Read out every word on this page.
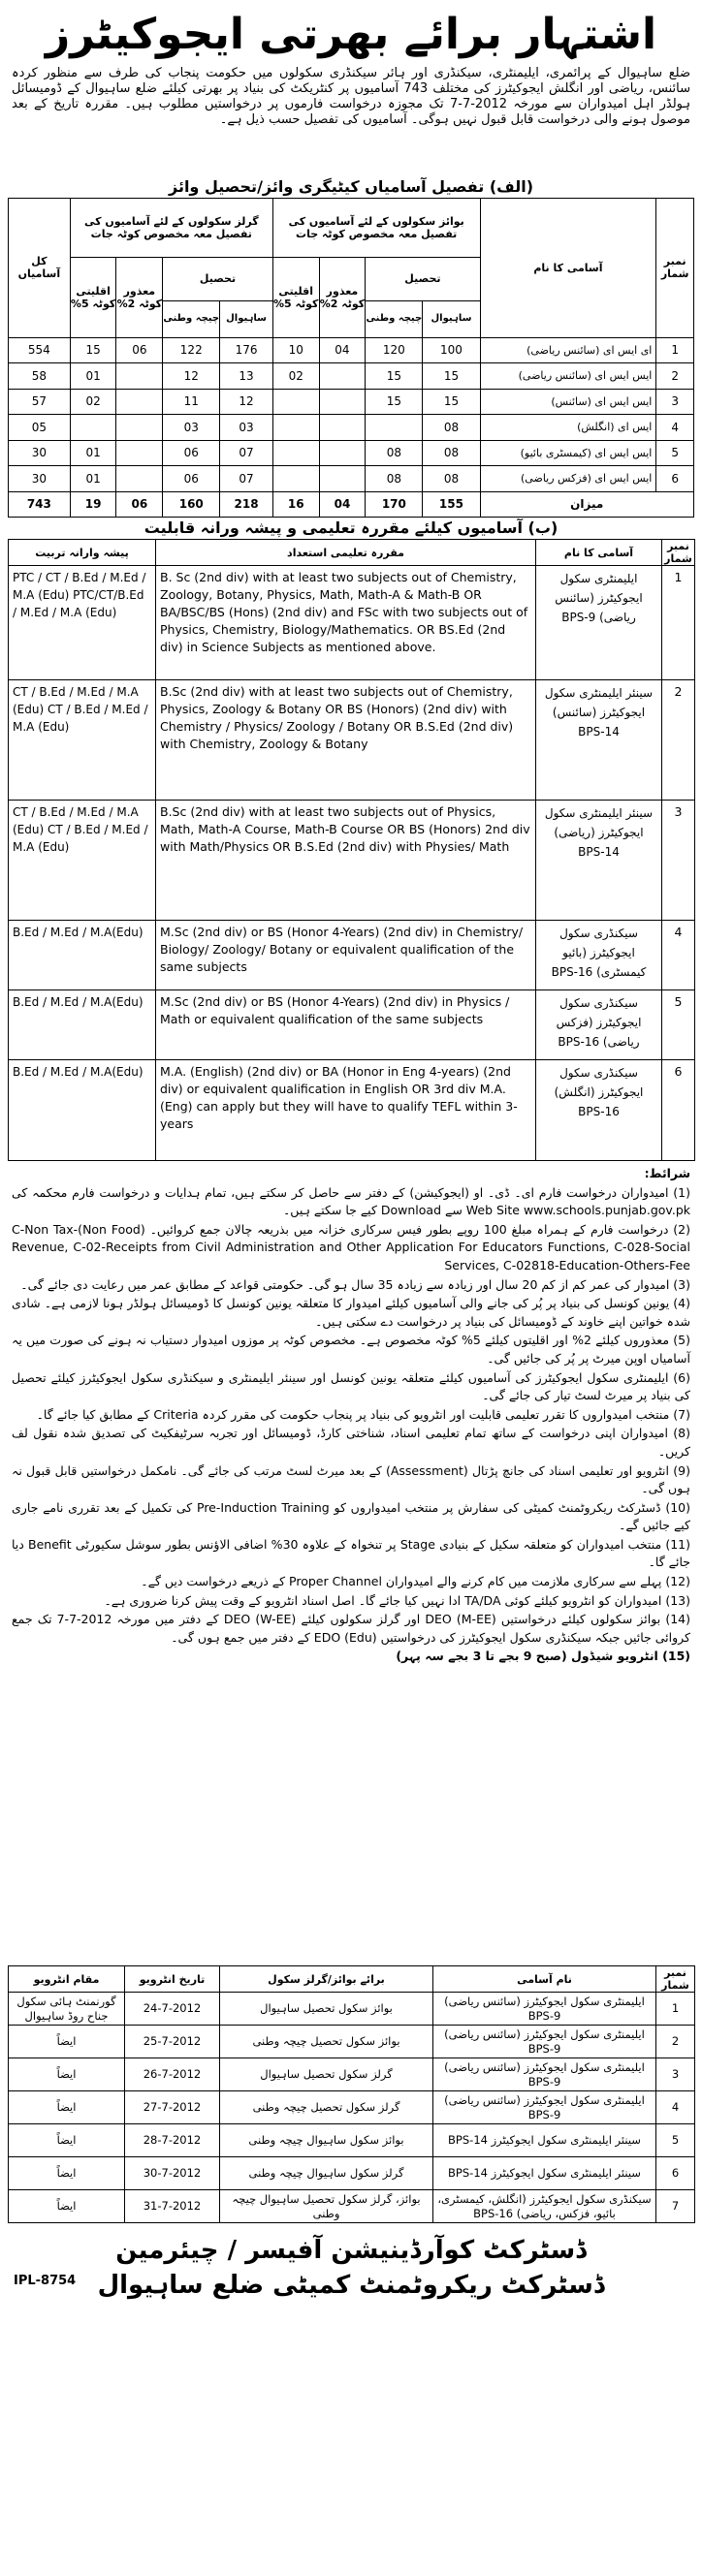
اشتہار برائے بھرتی ایجوکیٹرز
ضلع ساہیوال کے پرائمری، ایلیمنٹری، سیکنڈری اور ہائر سیکنڈری سکولوں میں حکومت پنجاب کی طرف سے منظور کردہ سائنس، ریاضی اور انگلش ایجوکیٹرز کی مختلف 743 آسامیوں پر کنٹریکٹ کی بنیاد پر بھرتی کیلئے ضلع ساہیوال کے ڈومیسائل ہولڈر اہل امیدواران سے مورخہ 2012-7-7 تک مجوزہ درخواست فارموں پر درخواستیں مطلوب ہیں۔ مقررہ تاریخ کے بعد موصول ہونے والی درخواست قابل قبول نہیں ہوگی۔ آسامیوں کی تفصیل حسب ذیل ہے۔
(الف) تفصیل آسامیاں کیٹیگری وائز/تحصیل وائز
نمبر شمار	آسامی کا نام	بوائز سکولوں کے لئے آسامیوں کی تفصیل معہ مخصوص کوٹہ جات				گرلز سکولوں کے لئے آسامیوں کی تفصیل معہ مخصوص کوٹہ جات				کل آسامیاں
		تحصیل		معذور کوٹہ 2%	اقلیتی کوٹہ 5%	تحصیل		معذور کوٹہ 2%	اقلیتی کوٹہ 5%	
		ساہیوال	چیچہ وطنی			ساہیوال	چیچہ وطنی			
1	ای ایس ای (سائنس ریاضی)	100	120	04	10	176	122	06	15	554
2	ایس ایس ای (سائنس ریاضی)	15	15		02	13	12		01	58
3	ایس ایس ای (سائنس)	15	15			12	11		02	57
4	ایس ای (انگلش)	08				03	03			05
5	ایس ایس ای (کیمسٹری بائیو)	08	08			07	06		01	30
6	ایس ایس ای (فزکس ریاضی)	08	08			07	06		01	30
میزان		155	170	04	16	218	160	06	19	743
(ب) آسامیوں کیلئے مقررہ تعلیمی و پیشہ ورانہ قابلیت
نمبر شمار	آسامی کا نام	مقررہ تعلیمی استعداد	پیشہ وارانہ تربیت
1	ایلیمنٹری سکول ایجوکیٹرز (سائنس ریاضی) BPS-9	B. Sc (2nd div) with at least two subjects out of Chemistry, Zoology, Botany, Physics, Math, Math-A & Math-B OR BA/BSC/BS (Hons) (2nd div) and FSc with two subjects out of Physics, Chemistry, Biology/Mathematics. OR BS.Ed (2nd div) in Science Subjects as mentioned above.	PTC / CT / B.Ed / M.Ed / M.A (Edu) PTC/CT/B.Ed / M.Ed / M.A (Edu)
2	سینئر ایلیمنٹری سکول ایجوکیٹرز (سائنس) BPS-14	B.Sc (2nd div) with at least two subjects out of Chemistry, Physics, Zoology & Botany OR BS (Honors) (2nd div) with Chemistry / Physics/ Zoology / Botany OR B.S.Ed (2nd div) with Chemistry, Zoology & Botany	CT / B.Ed / M.Ed / M.A (Edu) CT / B.Ed / M.Ed / M.A (Edu)
3	سینئر ایلیمنٹری سکول ایجوکیٹرز (ریاضی) BPS-14	B.Sc (2nd div) with at least two subjects out of Physics, Math, Math-A Course, Math-B Course OR BS (Honors) 2nd div with Math/Physics OR B.S.Ed (2nd div) with Physies/ Math	CT / B.Ed / M.Ed / M.A (Edu) CT / B.Ed / M.Ed / M.A (Edu)
4	سیکنڈری سکول ایجوکیٹرز (بائیو کیمسٹری) BPS-16	M.Sc (2nd div) or BS (Honor 4-Years) (2nd div) in Chemistry/ Biology/ Zoology/ Botany or equivalent qualification of the same subjects	B.Ed / M.Ed / M.A(Edu)
5	سیکنڈری سکول ایجوکیٹرز (فزکس ریاضی) BPS-16	M.Sc (2nd div) or BS (Honor 4-Years) (2nd div) in Physics / Math or equivalent qualification of the same subjects	B.Ed / M.Ed / M.A(Edu)
6	سیکنڈری سکول ایجوکیٹرز (انگلش) BPS-16	M.A. (English) (2nd div) or BA (Honor in Eng 4-years) (2nd div) or equivalent qualification in English OR 3rd div M.A. (Eng) can apply but they will have to qualify TEFL within 3-years	B.Ed / M.Ed / M.A(Edu)

شرائط:

(1) امیدواران درخواست فارم ای۔ ڈی۔ او (ایجوکیشن) کے دفتر سے حاصل کر سکتے ہیں، تمام ہدایات و درخواست فارم محکمہ کی Web Site www.schools.punjab.gov.pk سے Download کیے جا سکتے ہیں۔

(2) درخواست فارم کے ہمراہ مبلغ 100 روپے بطور فیس سرکاری خزانہ میں بذریعہ چالان جمع کروائیں۔ (Non Food)-C-Non Tax Revenue, C-02-Receipts from Civil Administration and Other Application For Educators Functions, C-028-Social Services, C-02818-Education-Others-Fee

(3) امیدوار کی عمر کم از کم 20 سال اور زیادہ سے زیادہ 35 سال ہو گی۔ حکومتی قواعد کے مطابق عمر میں رعایت دی جائے گی۔

(4) یونین کونسل کی بنیاد پر پُر کی جانے والی آسامیوں کیلئے امیدوار کا متعلقہ یونین کونسل کا ڈومیسائل ہولڈر ہونا لازمی ہے۔ شادی شدہ خواتین اپنے خاوند کے ڈومیسائل کی بنیاد پر درخواست دے سکتی ہیں۔

(5) معذوروں کیلئے 2% اور اقلیتوں کیلئے 5% کوٹہ مخصوص ہے۔ مخصوص کوٹہ پر موزوں امیدوار دستیاب نہ ہونے کی صورت میں یہ آسامیاں اوپن میرٹ پر پُر کی جائیں گی۔

(6) ایلیمنٹری سکول ایجوکیٹرز کی آسامیوں کیلئے متعلقہ یونین کونسل اور سینئر ایلیمنٹری و سیکنڈری سکول ایجوکیٹرز کیلئے تحصیل کی بنیاد پر میرٹ لسٹ تیار کی جائے گی۔

(7) منتخب امیدواروں کا تقرر تعلیمی قابلیت اور انٹرویو کی بنیاد پر پنجاب حکومت کی مقرر کردہ Criteria کے مطابق کیا جائے گا۔

(8) امیدواران اپنی درخواست کے ساتھ تمام تعلیمی اسناد، شناختی کارڈ، ڈومیسائل اور تجربہ سرٹیفکیٹ کی تصدیق شدہ نقول لف کریں۔

(9) انٹرویو اور تعلیمی اسناد کی جانچ پڑتال (Assessment) کے بعد میرٹ لسٹ مرتب کی جائے گی۔ نامکمل درخواستیں قابل قبول نہ ہوں گی۔

(10) ڈسٹرکٹ ریکروٹمنٹ کمیٹی کی سفارش پر منتخب امیدواروں کو Pre-Induction Training کی تکمیل کے بعد تقرری نامے جاری کیے جائیں گے۔

(11) منتخب امیدواران کو متعلقہ سکیل کے بنیادی Stage پر تنخواہ کے علاوہ 30% اضافی الاؤنس بطور سوشل سکیورٹی Benefit دیا جائے گا۔

(12) پہلے سے سرکاری ملازمت میں کام کرنے والے امیدواران Proper Channel کے ذریعے درخواست دیں گے۔

(13) امیدواران کو انٹرویو کیلئے کوئی TA/DA ادا نہیں کیا جائے گا۔ اصل اسناد انٹرویو کے وقت پیش کرنا ضروری ہے۔

(14) بوائز سکولوں کیلئے درخواستیں DEO (M-EE) اور گرلز سکولوں کیلئے DEO (W-EE) کے دفتر میں مورخہ 2012-7-7 تک جمع کروائی جائیں جبکہ سیکنڈری سکول ایجوکیٹرز کی درخواستیں EDO (Edu) کے دفتر میں جمع ہوں گی۔

(15) انٹرویو شیڈول (صبح 9 بجے تا 3 بجے سہ پہر)

نمبر شمار	نام آسامی	برائے بوائز/گرلز سکول	تاریخ انٹرویو	مقام انٹرویو
1	ایلیمنٹری سکول ایجوکیٹرز (سائنس ریاضی) BPS-9	بوائز سکول تحصیل ساہیوال	24-7-2012	گورنمنٹ ہائی سکول جناح روڈ ساہیوال
2	ایلیمنٹری سکول ایجوکیٹرز (سائنس ریاضی) BPS-9	بوائز سکول تحصیل چیچہ وطنی	25-7-2012	ایضاً
3	ایلیمنٹری سکول ایجوکیٹرز (سائنس ریاضی) BPS-9	گرلز سکول تحصیل ساہیوال	26-7-2012	ایضاً
4	ایلیمنٹری سکول ایجوکیٹرز (سائنس ریاضی) BPS-9	گرلز سکول تحصیل چیچہ وطنی	27-7-2012	ایضاً
5	سینئر ایلیمنٹری سکول ایجوکیٹرز BPS-14	بوائز سکول ساہیوال چیچہ وطنی	28-7-2012	ایضاً
6	سینئر ایلیمنٹری سکول ایجوکیٹرز BPS-14	گرلز سکول ساہیوال چیچہ وطنی	30-7-2012	ایضاً
7	سیکنڈری سکول ایجوکیٹرز (انگلش، کیمسٹری، بائیو، فزکس، ریاضی) BPS-16	بوائز، گرلز سکول تحصیل ساہیوال چیچہ وطنی	31-7-2012	ایضاً
ڈسٹرکٹ کوآرڈینیشن آفیسر / چیئرمین
ڈسٹرکٹ ریکروٹمنٹ کمیٹی ضلع ساہیوال
IPL-8754
